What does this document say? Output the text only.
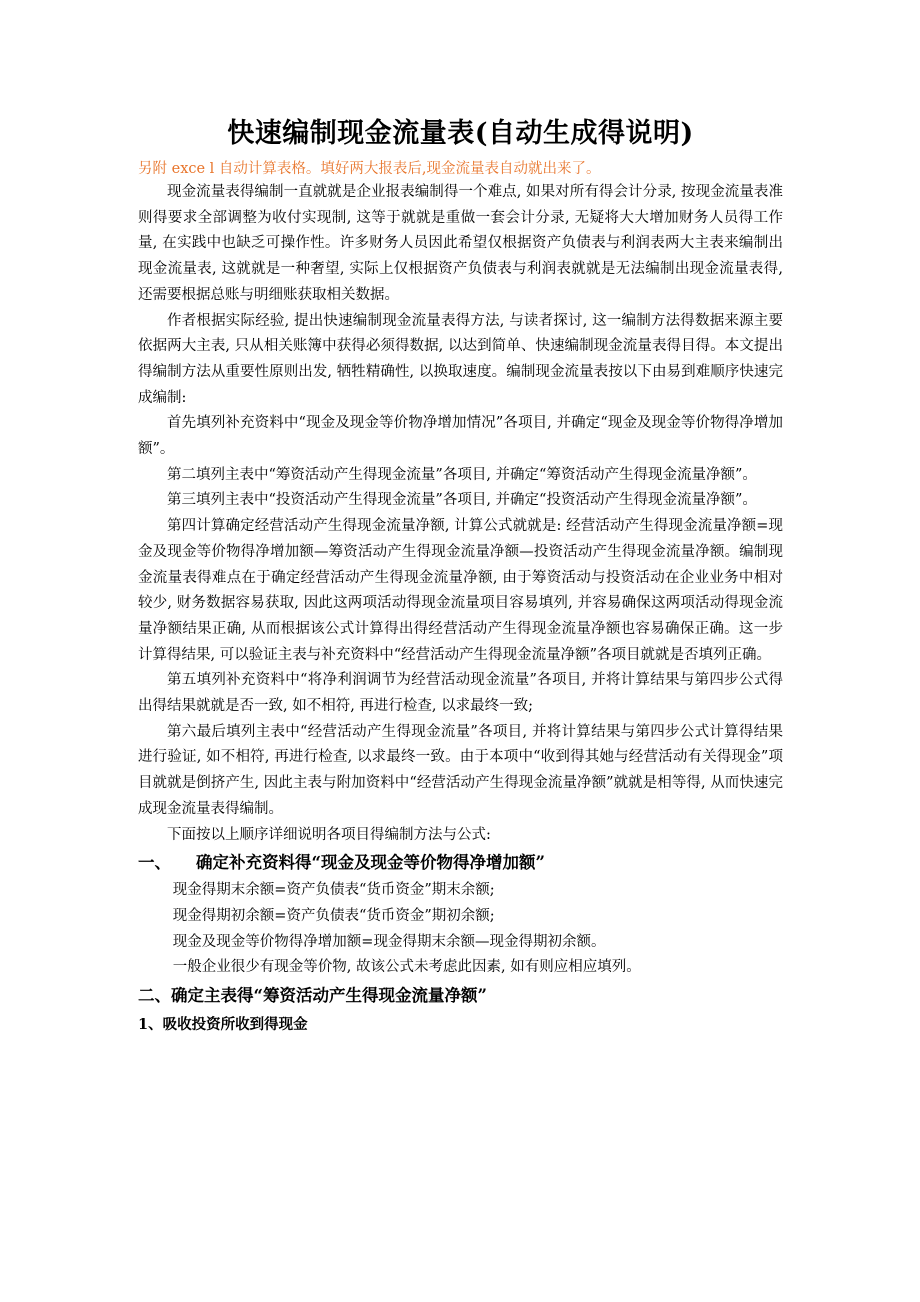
快速编制现金流量表(自动生成得说明)

另附 exce l 自动计算表格。填好两大报表后,现金流量表自动就出来了。

现金流量表得编制一直就就是企业报表编制得一个难点, 如果对所有得会计分录, 按现金流量表准则得要求全部调整为收付实现制, 这等于就就是重做一套会计分录, 无疑将大大增加财务人员得工作量, 在实践中也缺乏可操作性。许多财务人员因此希望仅根据资产负债表与利润表两大主表来编制出现金流量表, 这就就是一种奢望, 实际上仅根据资产负债表与利润表就就是无法编制出现金流量表得, 还需要根据总账与明细账获取相关数据。

作者根据实际经验, 提出快速编制现金流量表得方法, 与读者探讨, 这一编制方法得数据来源主要依据两大主表, 只从相关账簿中获得必须得数据, 以达到简单、快速编制现金流量表得目得。本文提出得编制方法从重要性原则出发, 牺牲精确性, 以换取速度。编制现金流量表按以下由易到难顺序快速完成编制:

首先填列补充资料中“现金及现金等价物净增加情况”各项目, 并确定“现金及现金等价物得净增加额”。

第二填列主表中“筹资活动产生得现金流量”各项目, 并确定“筹资活动产生得现金流量净额”。

第三填列主表中“投资活动产生得现金流量”各项目, 并确定“投资活动产生得现金流量净额”。

第四计算确定经营活动产生得现金流量净额, 计算公式就就是: 经营活动产生得现金流量净额=现金及现金等价物得净增加额—筹资活动产生得现金流量净额—投资活动产生得现金流量净额。编制现金流量表得难点在于确定经营活动产生得现金流量净额, 由于筹资活动与投资活动在企业业务中相对较少, 财务数据容易获取, 因此这两项活动得现金流量项目容易填列, 并容易确保这两项活动得现金流量净额结果正确, 从而根据该公式计算得出得经营活动产生得现金流量净额也容易确保正确。这一步计算得结果, 可以验证主表与补充资料中“经营活动产生得现金流量净额”各项目就就是否填列正确。

第五填列补充资料中“将净利润调节为经营活动现金流量”各项目, 并将计算结果与第四步公式得出得结果就就是否一致, 如不相符, 再进行检查, 以求最终一致;

第六最后填列主表中“经营活动产生得现金流量”各项目, 并将计算结果与第四步公式计算得结果进行验证, 如不相符, 再进行检查, 以求最终一致。由于本项中“收到得其她与经营活动有关得现金”项目就就是倒挤产生, 因此主表与附加资料中“经营活动产生得现金流量净额”就就是相等得, 从而快速完成现金流量表得编制。

下面按以上顺序详细说明各项目得编制方法与公式:

一、	确定补充资料得“现金及现金等价物得净增加额”

现金得期末余额=资产负债表“货币资金”期末余额;

现金得期初余额=资产负债表“货币资金”期初余额;

现金及现金等价物得净增加额=现金得期末余额—现金得期初余额。

一般企业很少有现金等价物, 故该公式未考虑此因素, 如有则应相应填列。

二、确定主表得“筹资活动产生得现金流量净额”
1、吸收投资所收到得现金
